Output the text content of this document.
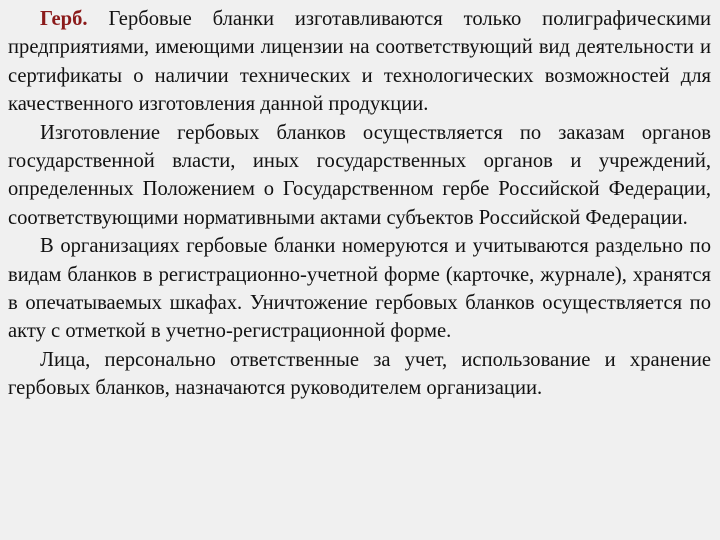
Герб. Гербовые бланки изготавливаются только полиграфическими предприятиями, имеющими лицензии на соответствующий вид деятельности и сертификаты о наличии технических и технологических возможностей для качественного изготовления данной продукции.

Изготовление гербовых бланков осуществляется по заказам органов государственной власти, иных государственных органов и учреждений, определенных Положением о Государственном гербе Российской Федерации, соответствующими нормативными актами субъектов Российской Федерации.

В организациях гербовые бланки номеруются и учитываются раздельно по видам бланков в регистрационно-учетной форме (карточке, журнале), хранятся в опечатываемых шкафах. Уничтожение гербовых бланков осуществляется по акту с отметкой в учетно-регистрационной форме.

Лица, персонально ответственные за учет, использование и хранение гербовых бланков, назначаются руководителем организации.
